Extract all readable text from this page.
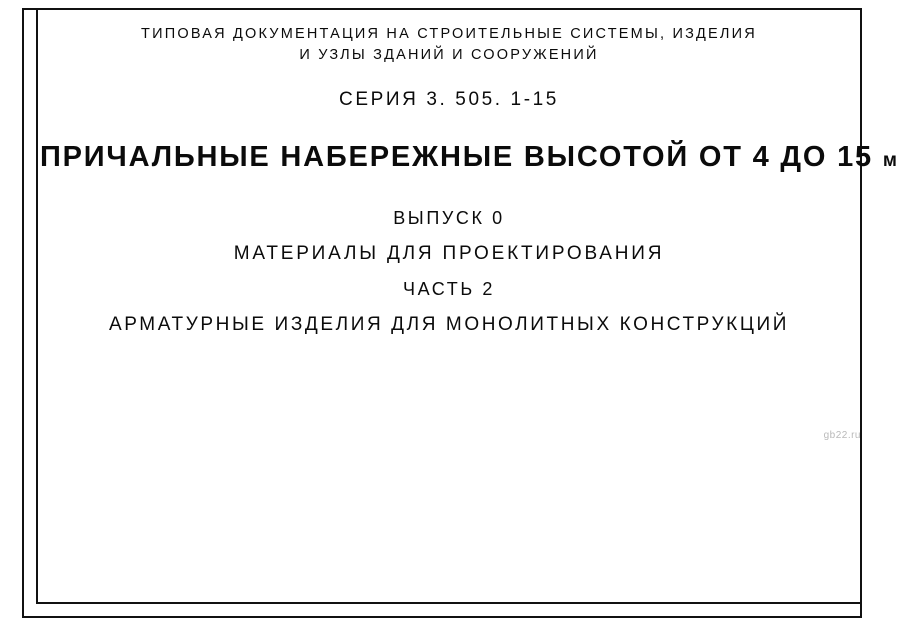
ТИПОВАЯ ДОКУМЕНТАЦИЯ НА СТРОИТЕЛЬНЫЕ СИСТЕМЫ, ИЗДЕЛИЯ
И УЗЛЫ ЗДАНИЙ И СООРУЖЕНИЙ
СЕРИЯ 3. 505. 1-15
ПРИЧАЛЬНЫЕ НАБЕРЕЖНЫЕ ВЫСОТОЙ ОТ 4 ДО 15 м
ВЫПУСК 0
МАТЕРИАЛЫ ДЛЯ ПРОЕКТИРОВАНИЯ
ЧАСТЬ 2
АРМАТУРНЫЕ ИЗДЕЛИЯ ДЛЯ МОНОЛИТНЫХ КОНСТРУКЦИЙ
gb22.ru
